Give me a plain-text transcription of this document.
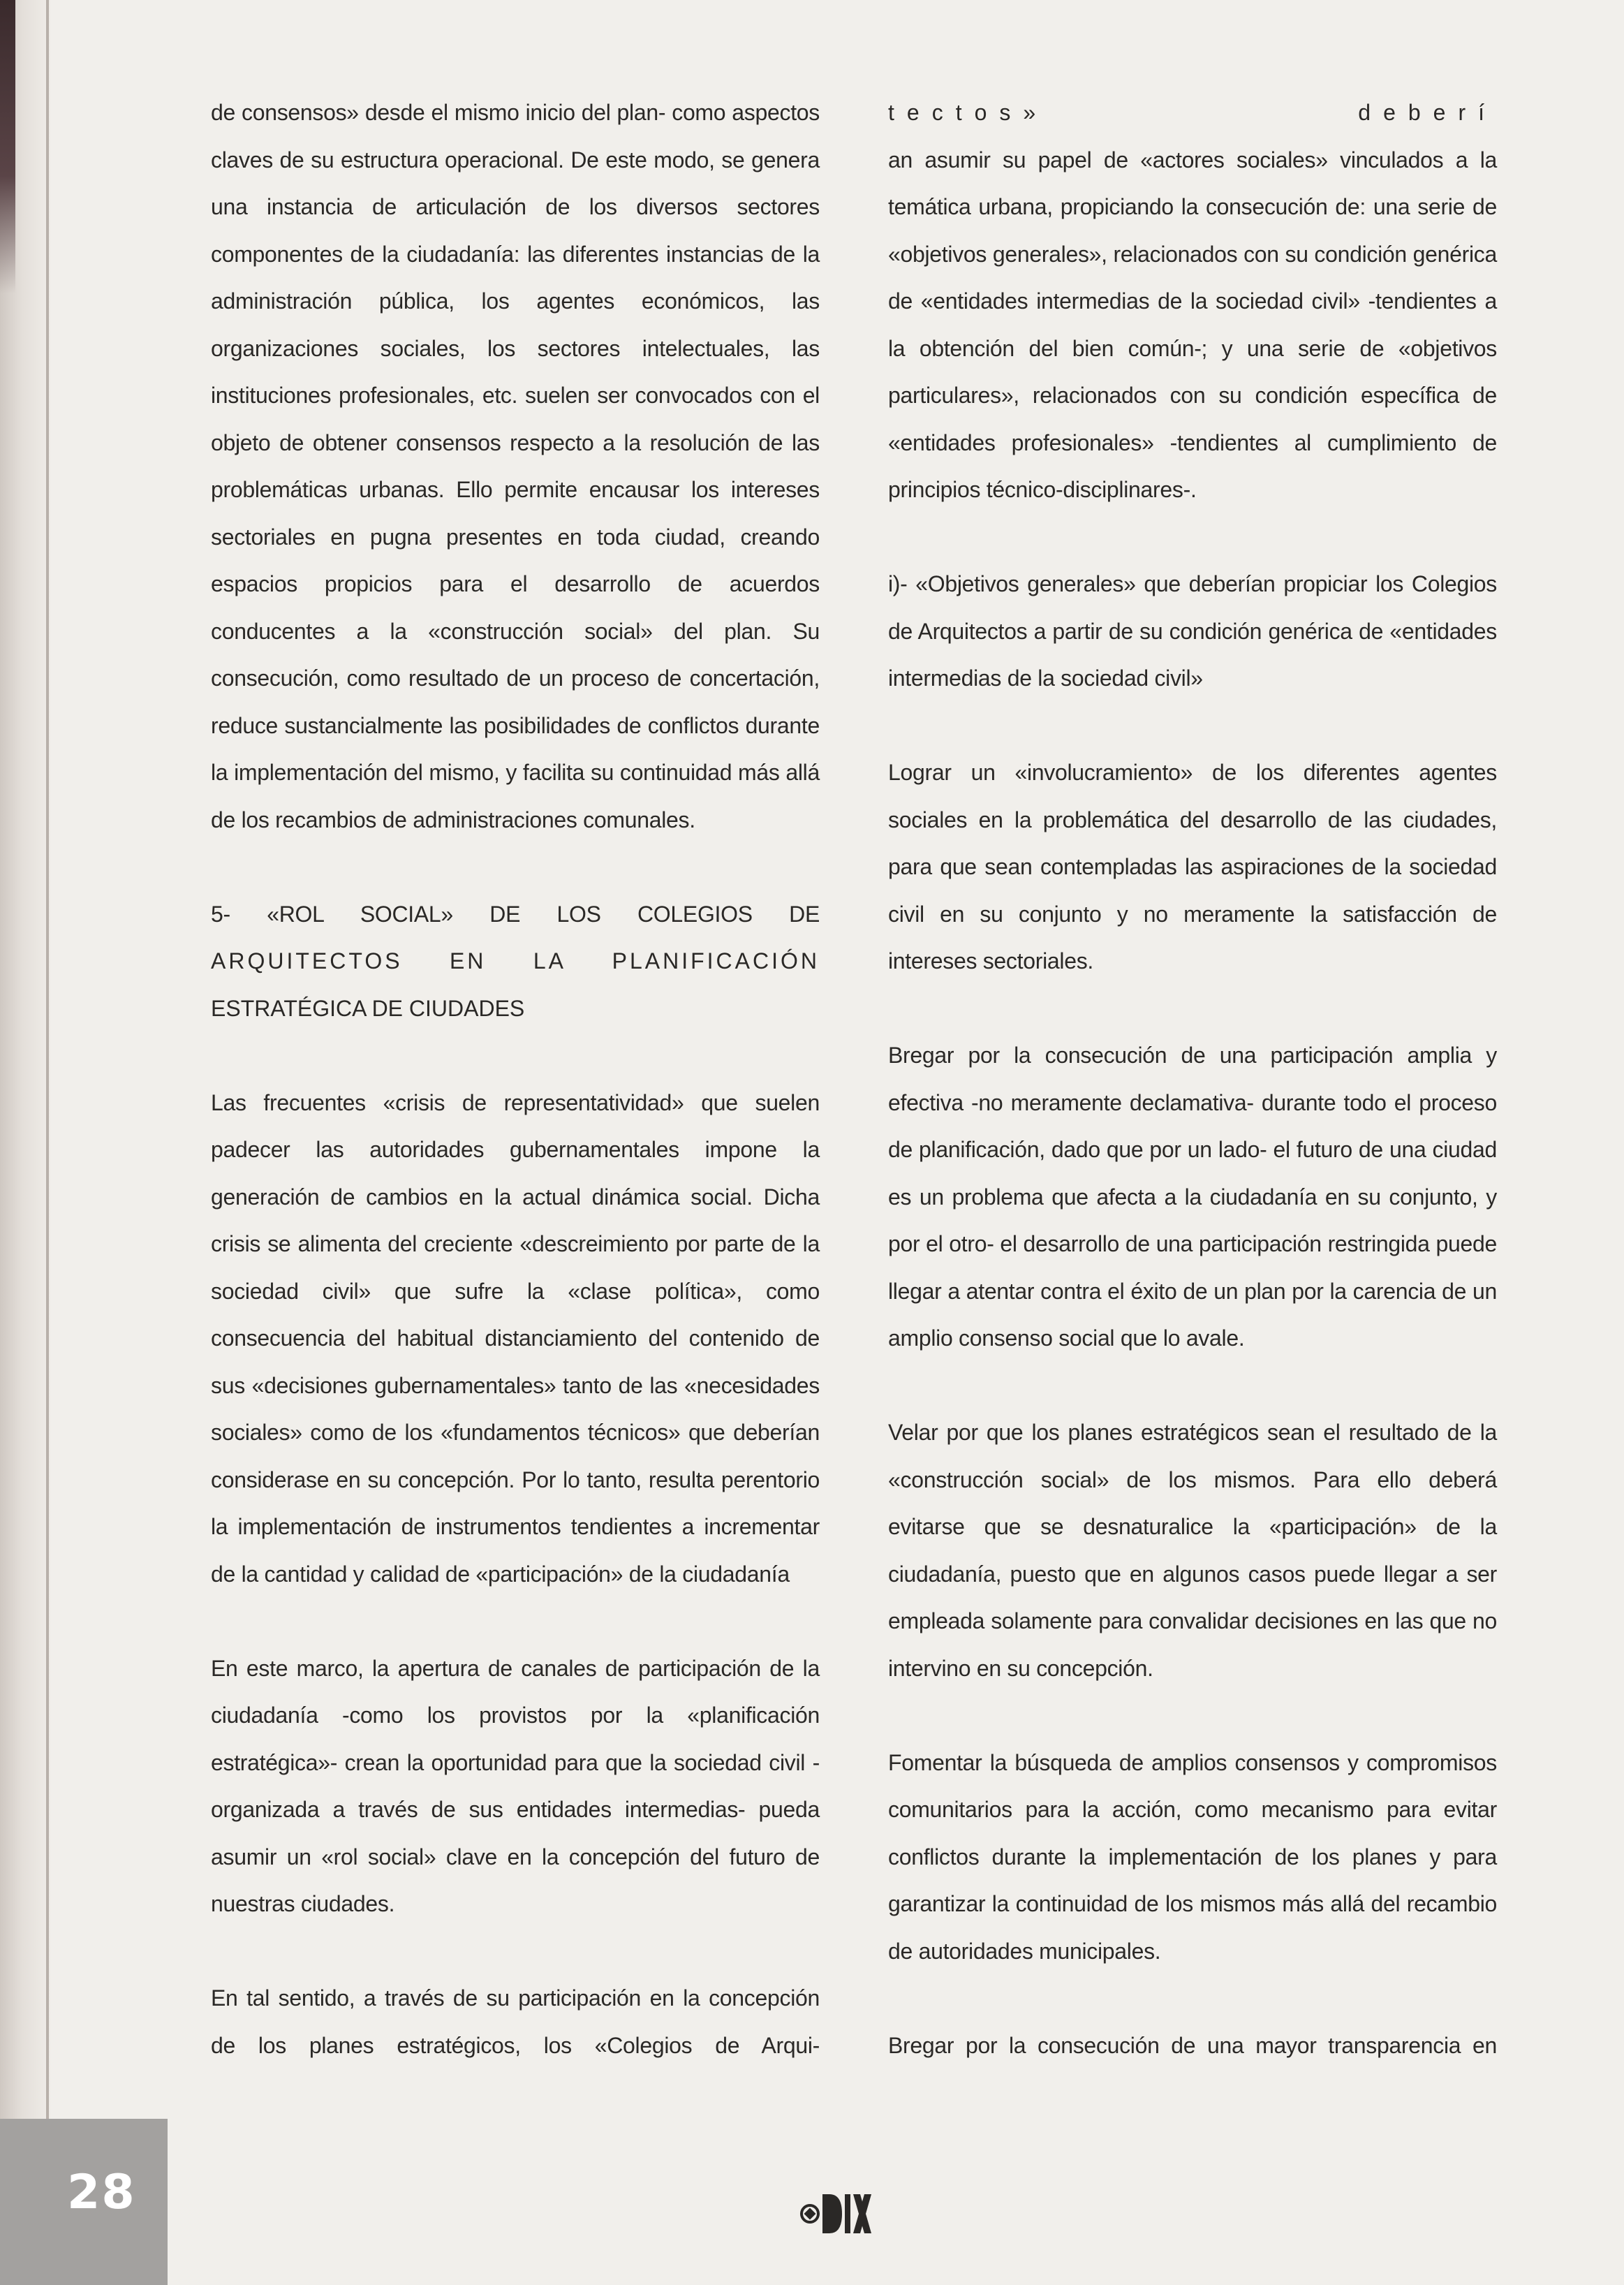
de consensos» desde el mismo inicio del plan- como aspectos claves de su estructura operacional. De este modo, se genera una instancia de articulación de los diversos sectores componentes de la ciudadanía: las diferentes instancias de la administración pública, los agentes económicos, las organizaciones sociales, los sectores intelectuales, las instituciones profesionales, etc. suelen ser convocados con el objeto de obtener consensos respecto a la resolución de las problemáticas urbanas. Ello permite encausar los intereses sectoriales en pugna presentes en toda ciudad, creando espacios propicios para el desarrollo de acuerdos conducentes a la «construcción social» del plan. Su consecución, como resultado de un proceso de concertación, reduce sustancialmente las posibilidades de conflictos durante la implementación del mismo, y facilita su continuidad más allá de los recambios de administraciones comunales.

5- «ROL SOCIAL» DE LOS COLEGIOS DE

ARQUITECTOS EN LA PLANIFICACIÓN

ESTRATÉGICA DE CIUDADES

Las frecuentes «crisis de representatividad» que suelen padecer las autoridades gubernamentales impone la generación de cambios en la actual dinámica social. Dicha crisis se alimenta del creciente «descreimiento por parte de la sociedad civil» que sufre la «clase política», como consecuencia del habitual distanciamiento del contenido de sus «decisiones gubernamentales» tanto de las «necesidades sociales» como de los «fundamentos técnicos» que deberían considerase en su concepción. Por lo tanto, resulta perentorio la implementación de instrumentos tendientes a incrementar de la cantidad y calidad de «participación» de la ciudadanía

En este marco, la apertura de canales de participación de la ciudadanía -como los provistos por la «planificación estratégica»- crean la oportunidad para que la sociedad civil -organizada a través de sus entidades intermedias- pueda asumir un «rol social» clave en la concepción del futuro de nuestras ciudades.

En tal sentido, a través de su participación en la concepción de los planes estratégicos, los «Colegios de Arqui-

tectos»	deberí

an asumir su papel de «actores sociales» vinculados a la temática urbana, propiciando la consecución de: una serie de «objetivos generales», relacionados con su condición genérica de «entidades intermedias de la sociedad civil» -tendientes a la obtención del bien común-; y una serie de «objetivos particulares», relacionados con su condición específica de «entidades profesionales» -tendientes al cumplimiento de principios técnico-disciplinares-.

i)- «Objetivos generales» que deberían propiciar los Colegios de Arquitectos a partir de su condición genérica de «entidades intermedias de la sociedad civil»

Lograr un «involucramiento» de los diferentes agentes sociales en la problemática del desarrollo de las ciudades, para que sean contempladas las aspiraciones de la sociedad civil en su conjunto y no meramente la satisfacción de intereses sectoriales.

Bregar por la consecución de una participación amplia y efectiva -no meramente declamativa- durante todo el proceso de planificación, dado que por un lado- el futuro de una ciudad es un problema que afecta a la ciudadanía en su conjunto, y por el otro- el desarrollo de una participación restringida puede llegar a atentar contra el éxito de un plan por la carencia de un amplio consenso social que lo avale.

Velar por que los planes estratégicos sean el resultado de la «construcción social» de los mismos. Para ello deberá evitarse que se desnaturalice la «participación» de la ciudadanía, puesto que en algunos casos puede llegar a ser empleada solamente para convalidar decisiones en las que no intervino en su concepción.

Fomentar la búsqueda de amplios consensos y compromisos comunitarios para la acción, como mecanismo para evitar conflictos durante la implementación de los planes y para garantizar la continuidad de los mismos más allá del recambio de autoridades municipales.

Bregar por la consecución de una mayor transparencia en

28
